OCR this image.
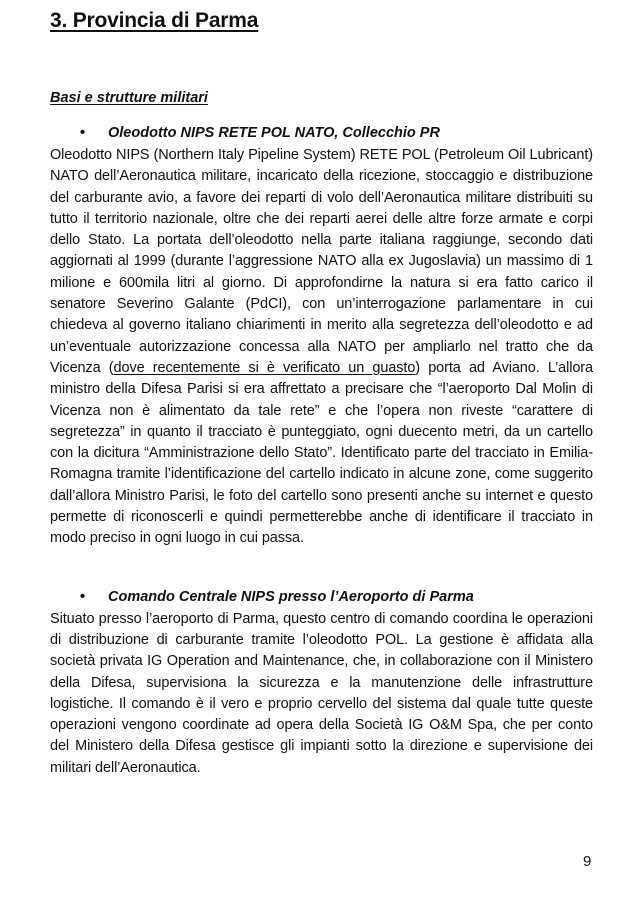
3. Provincia di Parma
Basi e strutture militari
•	Oleodotto NIPS RETE POL NATO, Collecchio PR

Oleodotto NIPS (Northern Italy Pipeline System) RETE POL (Petroleum Oil Lubricant) NATO dell’Aeronautica militare, incaricato della ricezione, stoccaggio e distribuzione del carburante avio, a favore dei reparti di volo dell’Aeronautica militare distribuiti su tutto il territorio nazionale, oltre che dei reparti aerei delle altre forze armate e corpi dello Stato. La portata dell’oleodotto nella parte italiana raggiunge, secondo dati aggiornati al 1999 (durante l’aggressione NATO alla ex Jugoslavia) un massimo di 1 milione e 600mila litri al giorno. Di approfondirne la natura si era fatto carico il senatore Severino Galante (PdCI), con un’interrogazione parlamentare in cui chiedeva al governo italiano chiarimenti in merito alla segretezza dell’oleodotto e ad un’eventuale autorizzazione concessa alla NATO per ampliarlo nel tratto che da Vicenza (dove recentemente si è verificato un guasto) porta ad Aviano. L’allora ministro della Difesa Parisi si era affrettato a precisare che “l’aeroporto Dal Molin di Vicenza non è alimentato da tale rete” e che l’opera non riveste “carattere di segretezza” in quanto il tracciato è punteggiato, ogni duecento metri, da un cartello con la dicitura “Amministrazione dello Stato”. Identificato parte del tracciato in Emilia-Romagna tramite l’identificazione del cartello indicato in alcune zone, come suggerito dall’allora Ministro Parisi, le foto del cartello sono presenti anche su internet e questo permette di riconoscerli e quindi permetterebbe anche di identificare il tracciato in modo preciso in ogni luogo in cui passa.

•	Comando Centrale NIPS presso l’Aeroporto di Parma

Situato presso l’aeroporto di Parma, questo centro di comando coordina le operazioni di distribuzione di carburante tramite l’oleodotto POL. La gestione è affidata alla società privata IG Operation and Maintenance, che, in collaborazione con il Ministero della Difesa, supervisiona la sicurezza e la manutenzione delle infrastrutture logistiche. Il comando è il vero e proprio cervello del sistema dal quale tutte queste operazioni vengono coordinate ad opera della Società IG O&M Spa, che per conto del Ministero della Difesa gestisce gli impianti sotto la direzione e supervisione dei militari dell’Aeronautica.

9
